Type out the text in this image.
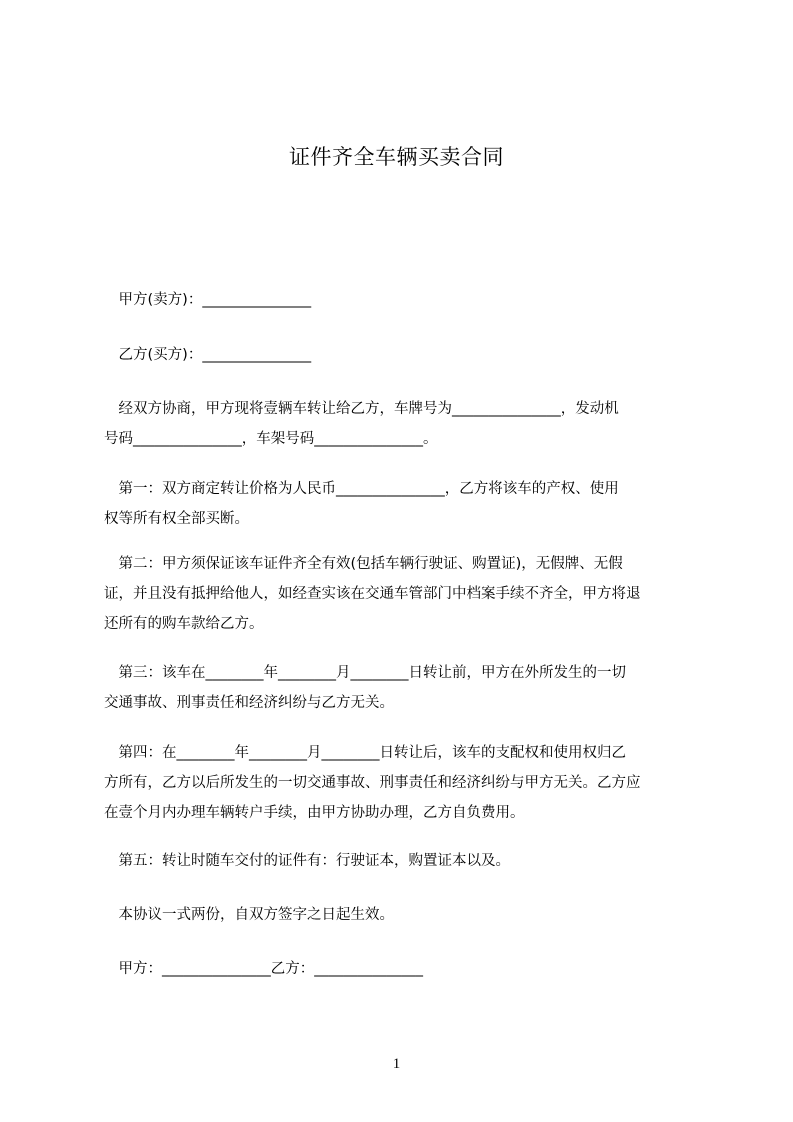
证件齐全车辆买卖合同

　甲方(卖方)：_______________

　乙方(买方)：_______________

　经双方协商，甲方现将壹辆车转让给乙方，车牌号为_______________，发动机
号码_______________，车架号码_______________。
　第一：双方商定转让价格为人民币_______________，乙方将该车的产权、使用
权等所有权全部买断。
　第二：甲方须保证该车证件齐全有效(包括车辆行驶证、购置证)，无假牌、无假
证，并且没有抵押给他人，如经查实该在交通车管部门中档案手续不齐全，甲方将退
还所有的购车款给乙方。
　第三：该车在________年________月________日转让前，甲方在外所发生的一切
交通事故、刑事责任和经济纠纷与乙方无关。
　第四：在________年________月________日转让后，该车的支配权和使用权归乙
方所有，乙方以后所发生的一切交通事故、刑事责任和经济纠纷与甲方无关。乙方应
在壹个月内办理车辆转户手续，由甲方协助办理，乙方自负费用。

　第五：转让时随车交付的证件有：行驶证本，购置证本以及。

　本协议一式两份，自双方签字之日起生效。

　甲方：_______________乙方：_______________

1
